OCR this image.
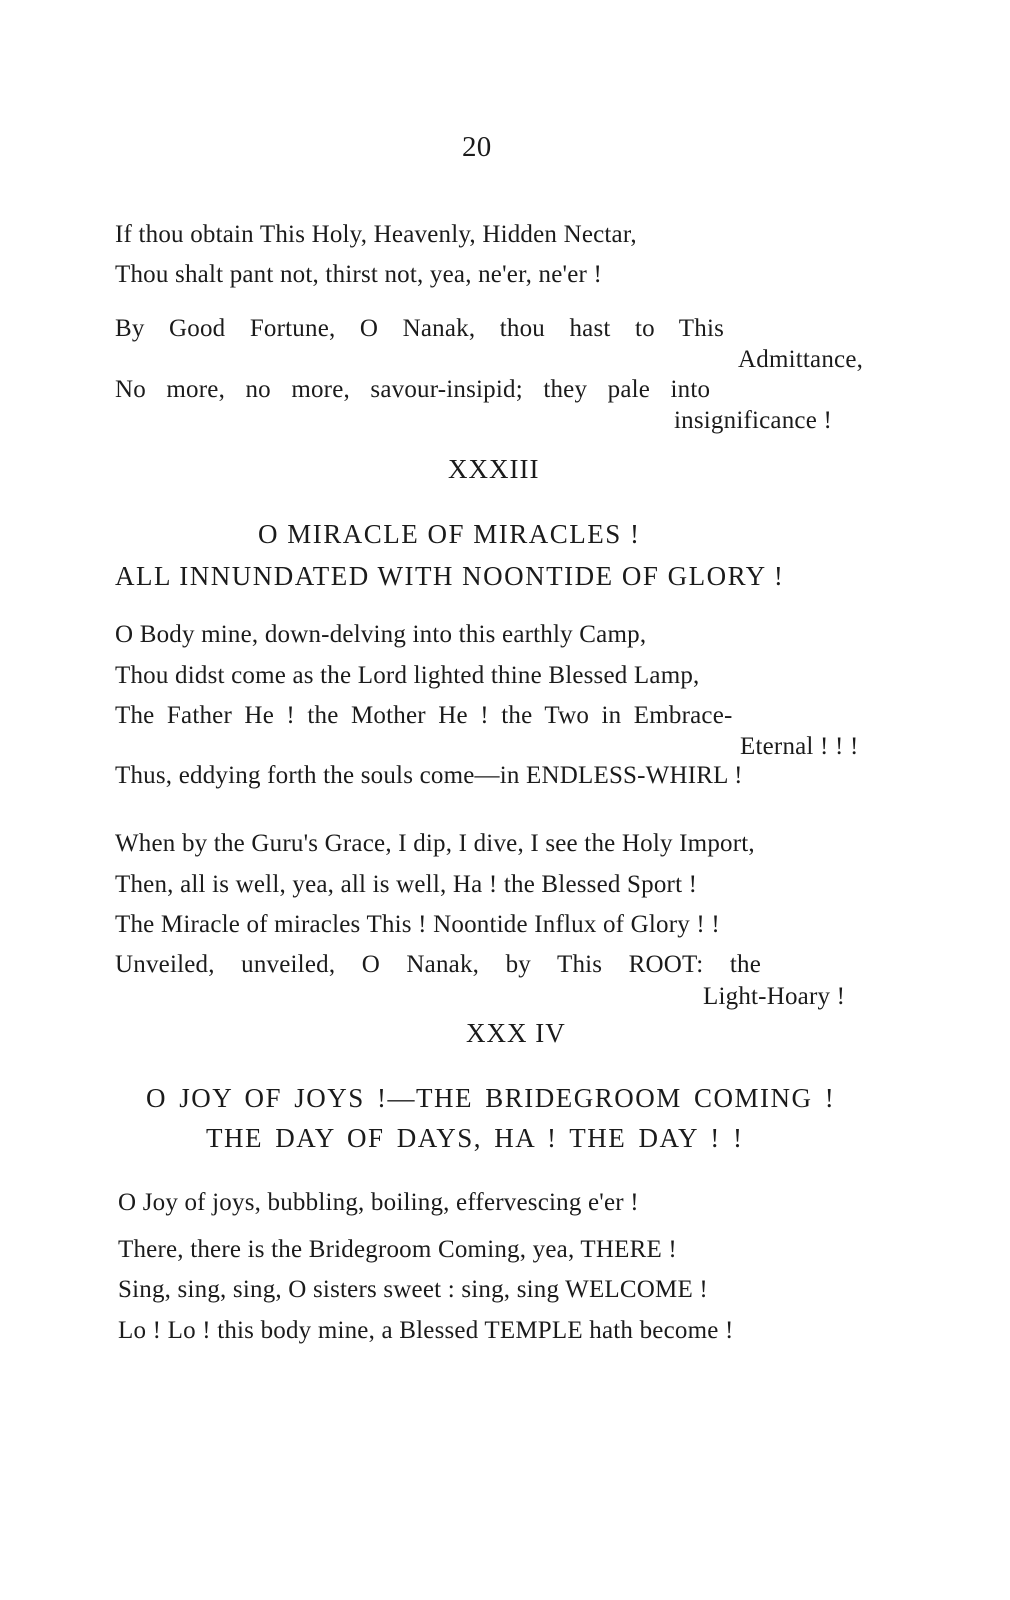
20
If thou obtain This Holy, Heavenly, Hidden Nectar,
Thou shalt pant not, thirst not, yea, ne'er, ne'er !
By Good Fortune, O Nanak, thou hast to This
Admittance,
No more, no more, savour-insipid; they pale into
insignificance !
XXXIII
O MIRACLE OF MIRACLES !
ALL INNUNDATED WITH NOONTIDE OF GLORY !
O Body mine, down-delving into this earthly Camp,
Thou didst come as the Lord lighted thine Blessed Lamp,
The Father He ! the Mother He ! the Two in Embrace-
Eternal ! ! !
Thus, eddying forth the souls come—in ENDLESS-WHIRL !
When by the Guru's Grace, I dip, I dive, I see the Holy Import,
Then, all is well, yea, all is well, Ha ! the Blessed Sport !
The Miracle of miracles This ! Noontide Influx of Glory ! !
Unveiled, unveiled, O Nanak, by This ROOT: the
Light-Hoary !
XXX IV
O JOY OF JOYS !—THE BRIDEGROOM COMING !
THE DAY OF DAYS, HA ! THE DAY ! !
O Joy of joys, bubbling, boiling, effervescing e'er !
There, there is the Bridegroom Coming, yea, THERE !
Sing, sing, sing, O sisters sweet : sing, sing WELCOME !
Lo ! Lo ! this body mine, a Blessed TEMPLE hath become !
